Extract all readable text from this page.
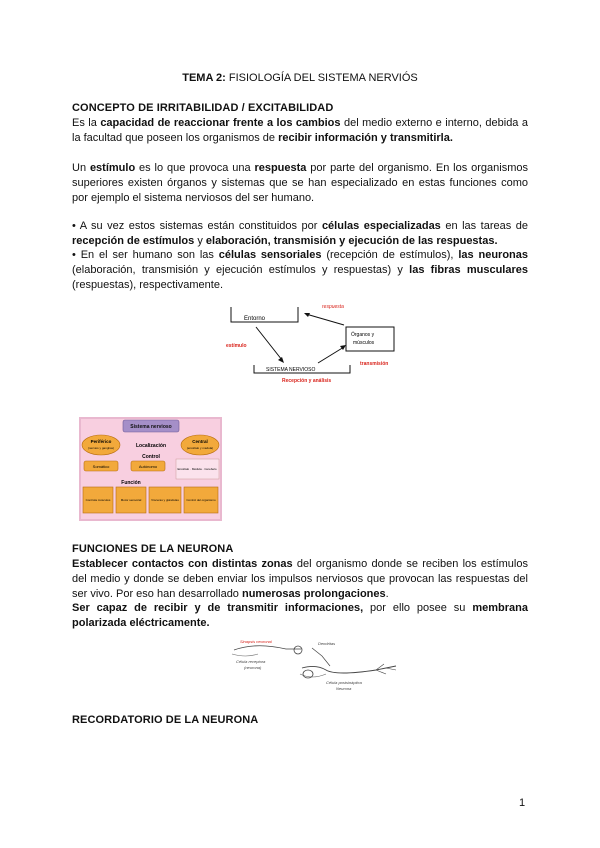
TEMA 2: FISIOLOGÍA DEL SISTEMA NERVIÓS
CONCEPTO DE IRRITABILIDAD / EXCITABILIDAD
Es la capacidad de reaccionar frente a los cambios del medio externo e interno, debida a la facultad que poseen los organismos de recibir información y transmitirla.
Un estímulo es lo que provoca una respuesta por parte del organismo. En los organismos superiores existen órganos y sistemas que se han especializado en estas funciones como por ejemplo el sistema nerviosos del ser humano.
• A su vez estos sistemas están constituidos por células especializadas en las tareas de recepción de estímulos y elaboración, transmisión y ejecución de las respuestas.
• En el ser humano son las células sensoriales (recepción de estímulos), las neuronas (elaboración, transmisión y ejecución estímulos y respuestas) y las fibras musculares (respuestas), respectivamente.
Entorno
respuesta
Órganos y
músculos
estímulo
SISTEMA NERVIOSO
Recepción y análisis
transmisión
Sistema nervioso
Periférico
(nervios y ganglios)	Localización
Central
(encéfalo y médula)
Control
Somático	Autónomo	Encéfalo · Médula · Cerebelo
Función
Controla músculos	Motor sensorial	Vísceras y glándulas Control del organismo
FUNCIONES DE LA NEURONA
Establecer contactos con distintas zonas del organismo donde se reciben los estímulos del medio y donde se deben enviar los impulsos nerviosos que provocan las respuestas del ser vivo. Por eso han desarrollado numerosas prolongaciones.
Ser capaz de recibir y de transmitir informaciones, por ello posee su membrana polarizada eléctricamente.
Sinapsis neuronal
Célula receptora
(neurona)
Dendritas
Célula postsináptica
Neurona
RECORDATORIO DE LA NEURONA
1
